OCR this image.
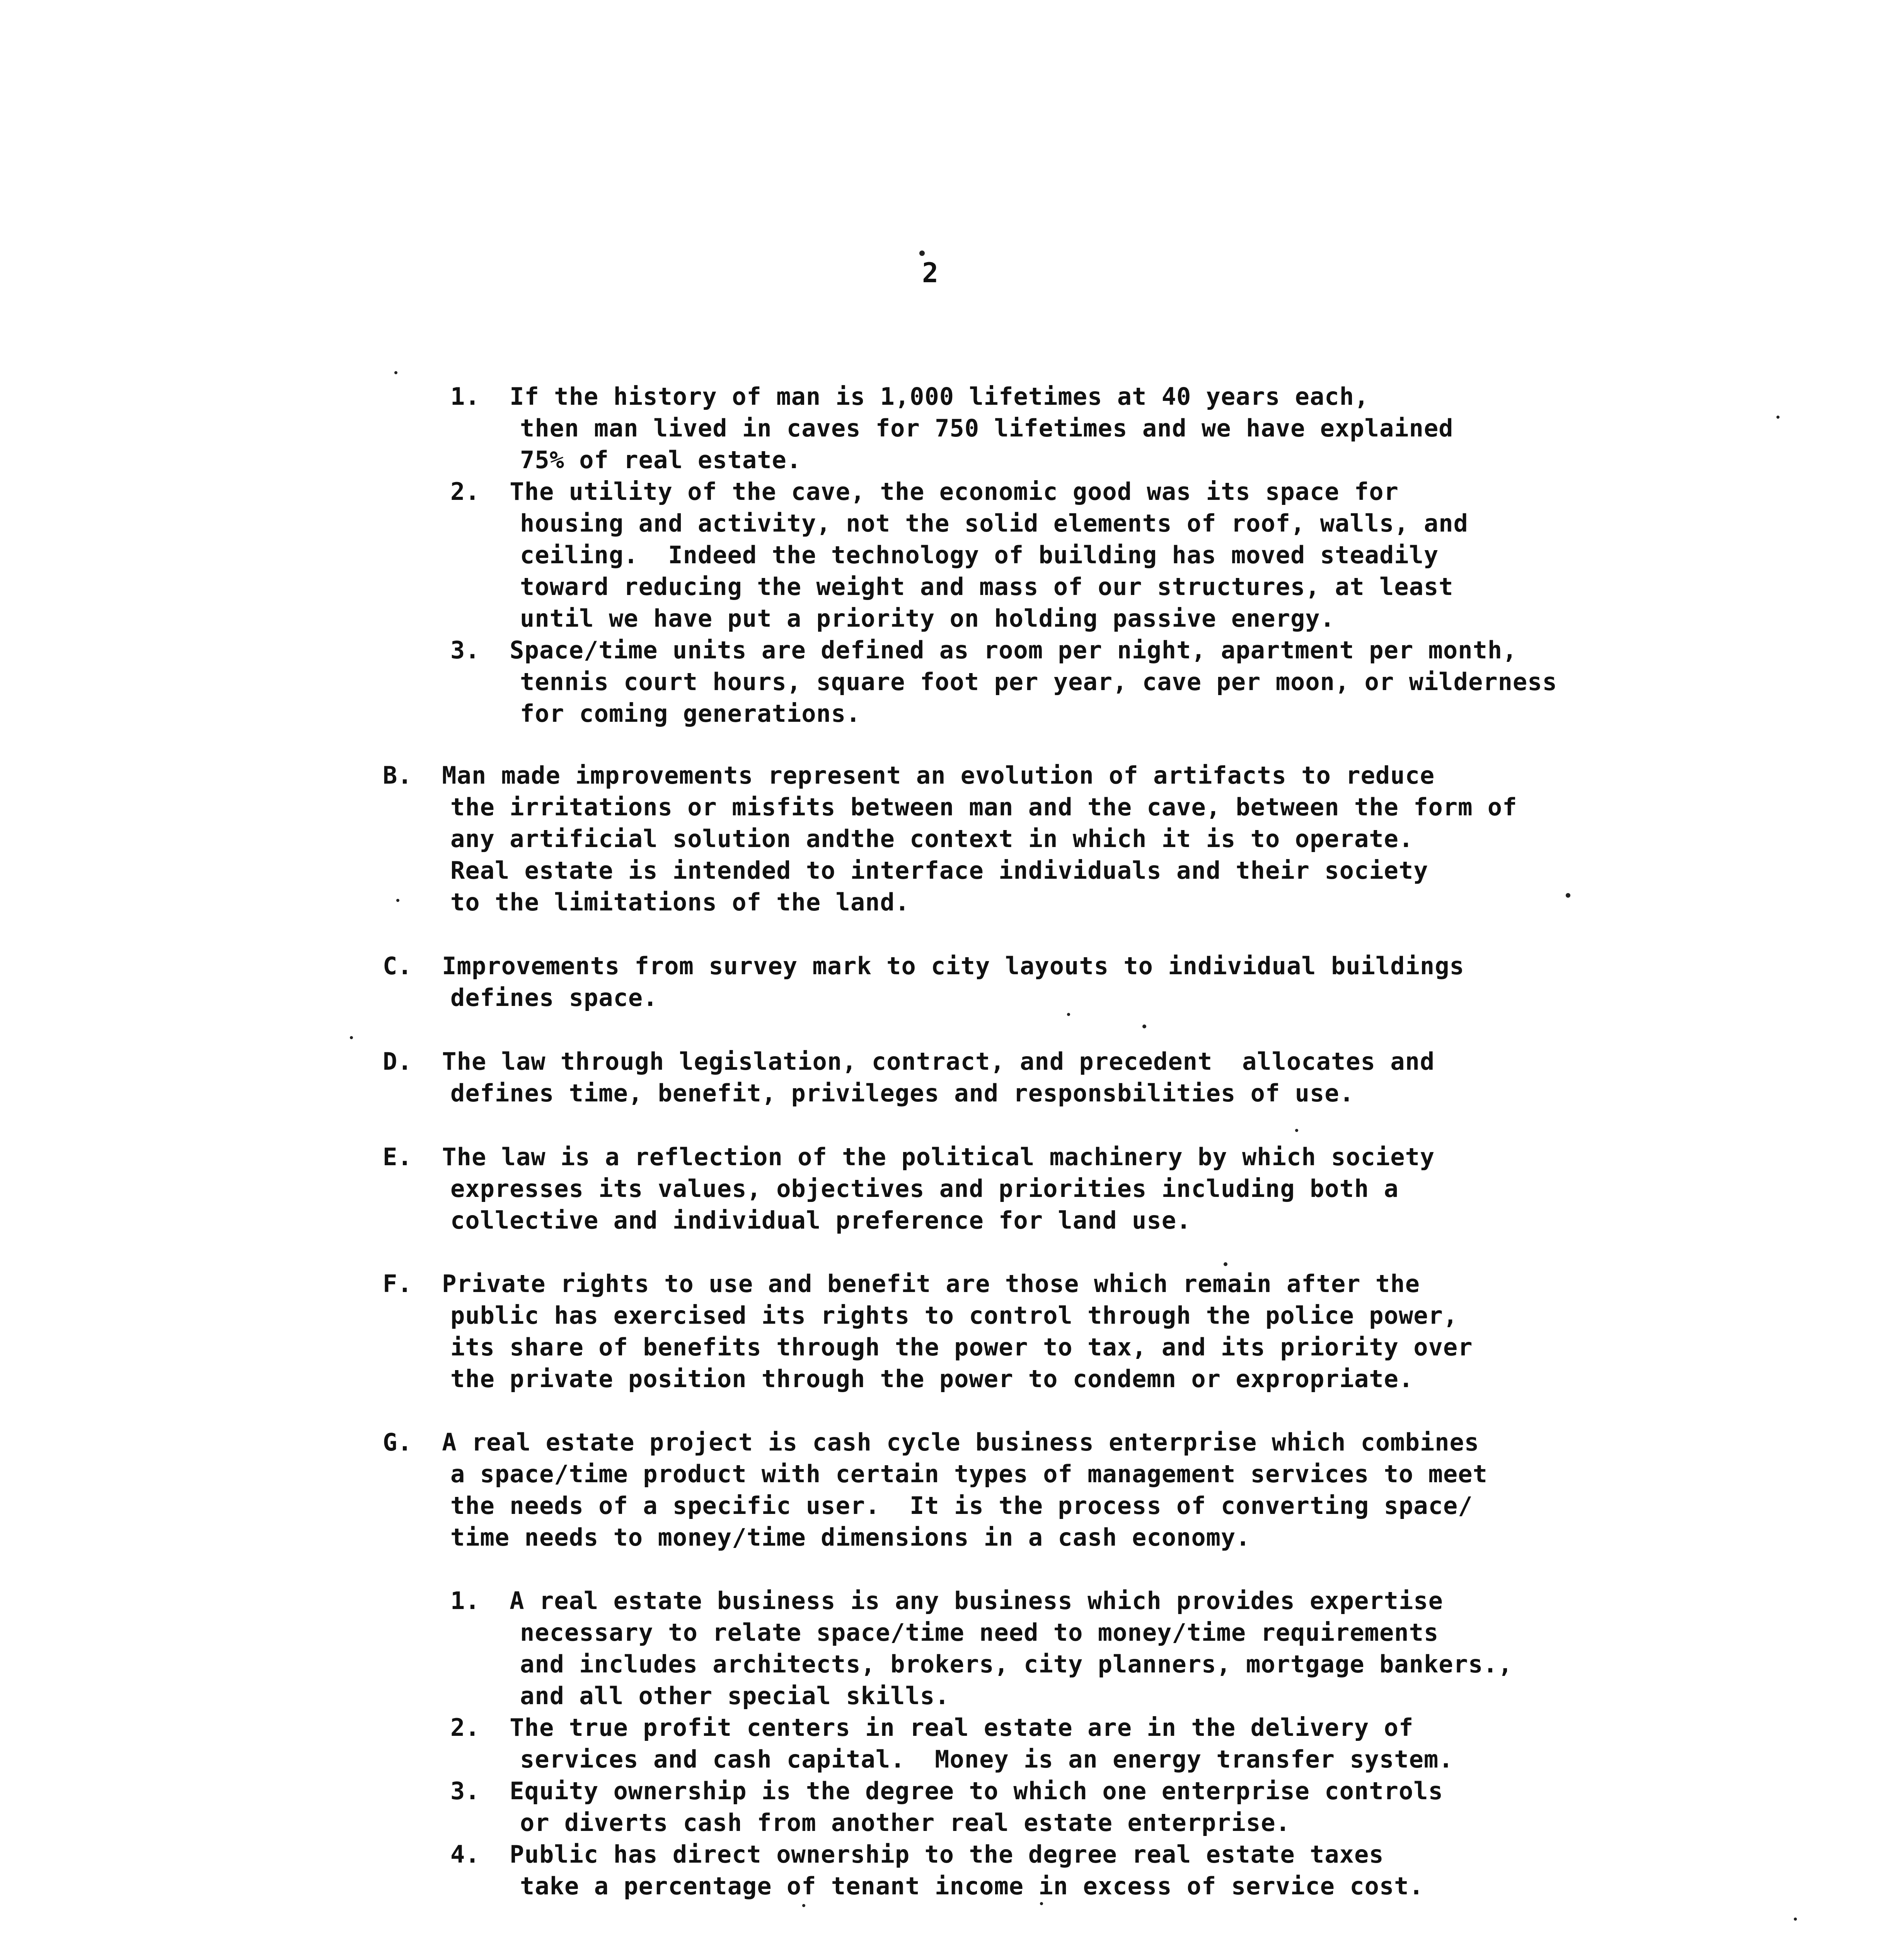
2
1.  If the history of man is 1,000 lifetimes at 40 years each,
then man lived in caves for 750 lifetimes and we have explained
75% of real estate.
2.  The utility of the cave, the economic good was its space for
housing and activity, not the solid elements of roof, walls, and
ceiling.  Indeed the technology of building has moved steadily
toward reducing the weight and mass of our structures, at least
until we have put a priority on holding passive energy.
3.  Space/time units are defined as room per night, apartment per month,
tennis court hours, square foot per year, cave per moon, or wilderness
for coming generations.
B.  Man made improvements represent an evolution of artifacts to reduce
the irritations or misfits between man and the cave, between the form of
any artificial solution andthe context in which it is to operate.
Real estate is intended to interface individuals and their society
to the limitations of the land.
C.  Improvements from survey mark to city layouts to individual buildings
defines space.
D.  The law through legislation, contract, and precedent  allocates and
defines time, benefit, privileges and responsbilities of use.
E.  The law is a reflection of the political machinery by which society
expresses its values, objectives and priorities including both a
collective and individual preference for land use.
F.  Private rights to use and benefit are those which remain after the
public has exercised its rights to control through the police power,
its share of benefits through the power to tax, and its priority over
the private position through the power to condemn or expropriate.
G.  A real estate project is cash cycle business enterprise which combines
a space/time product with certain types of management services to meet
the needs of a specific user.  It is the process of converting space/
time needs to money/time dimensions in a cash economy.
1.  A real estate business is any business which provides expertise
necessary to relate space/time need to money/time requirements
and includes architects, brokers, city planners, mortgage bankers.,
and all other special skills.
2.  The true profit centers in real estate are in the delivery of
services and cash capital.  Money is an energy transfer system.
3.  Equity ownership is the degree to which one enterprise controls
or diverts cash from another real estate enterprise.
4.  Public has direct ownership to the degree real estate taxes
take a percentage of tenant income in excess of service cost.
